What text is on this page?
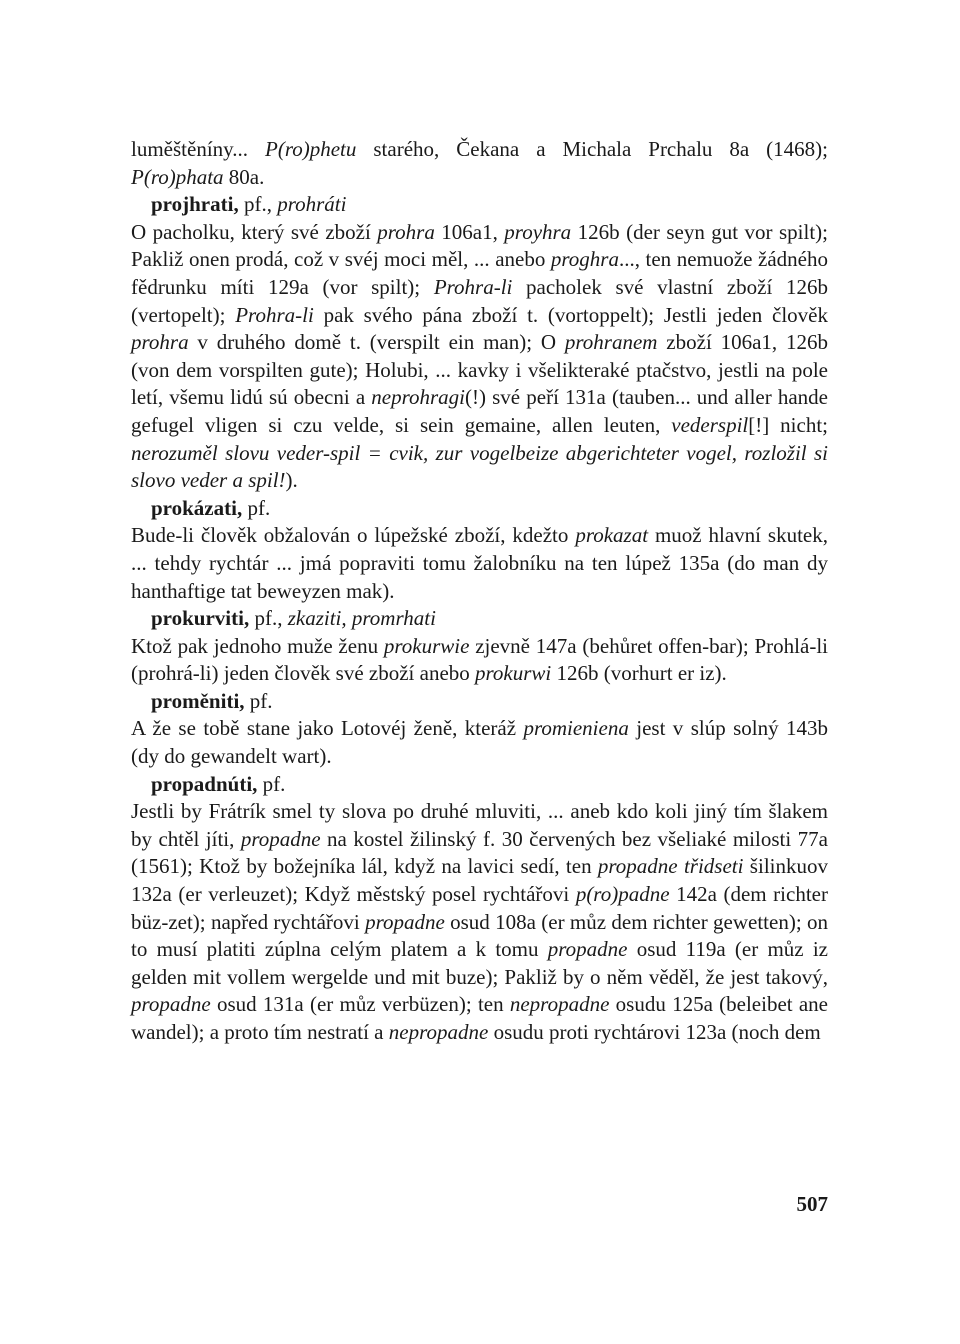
luměštěníny... P(ro)phetu starého, Čekana a Michala Prchalu 8a (1468); P(ro)phata 80a.

projhrati, pf., prohráti

O pacholku, který své zboží prohra 106a1, proyhra 126b (der seyn gut vor spilt); Pakliž onen prodá, což v svéj moci měl, ... anebo proghra..., ten nemuože žádného fědrunku míti 129a (vor spilt); Prohra-li pacholek své vlastní zboží 126b (vertopelt); Prohra-li pak svého pána zboží t. (vortoppelt); Jestli jeden člověk prohra v druhého domě t. (verspilt ein man); O prohranem zboží 106a1, 126b (von dem vorspilten gute); Holubi, ... kavky i všelikteraké ptačstvo, jestli na pole letí, všemu lidú sú obecni a neprohragi(!) své peří 131a (tauben... und aller hande gefugel vligen si czu velde, si sein gemaine, allen leuten, vederspil[!] nicht; nerozuměl slovu veder-spil = cvik, zur vogelbeize abgerichteter vogel, rozložil si slovo veder a spil!).

prokázati, pf.

Bude-li člověk obžalován o lúpežské zboží, kdežto prokazat muož hlavní skutek, ... tehdy rychtár ... jmá popraviti tomu žalobníku na ten lúpež 135a (do man dy hanthaftige tat beweyzen mak).

prokurviti, pf., zkaziti, promrhati

Ktož pak jednoho muže ženu prokurwie zjevně 147a (behůret offen-bar); Prohlá-li (prohrá-li) jeden člověk své zboží anebo prokurwi 126b (vorhurt er iz).

proměniti, pf.

A že se tobě stane jako Lotovéj ženě, kteráž promieniena jest v slúp solný 143b (dy do gewandelt wart).

propadnúti, pf.

Jestli by Frátrík smel ty slova po druhé mluviti, ... aneb kdo koli jiný tím šlakem by chtěl jíti, propadne na kostel žilinský f. 30 červených bez všeliaké milosti 77a (1561); Ktož by božejníka lál, když na lavici sedí, ten propadne třidseti šilinkuov 132a (er verleuzet); Když městský posel rychtářovi p(ro)padne 142a (dem richter büz-zet); napřed rychtářovi propadne osud 108a (er můz dem richter gewetten); on to musí platiti zúplna celým platem a k tomu propadne osud 119a (er můz iz gelden mit vollem wergelde und mit buze); Pakliž by o něm věděl, že jest takový, propadne osud 131a (er můz verbüzen); ten nepropadne osudu 125a (beleibet ane wandel); a proto tím nestratí a nepropadne osudu proti rychtárovi 123a (noch dem

507
